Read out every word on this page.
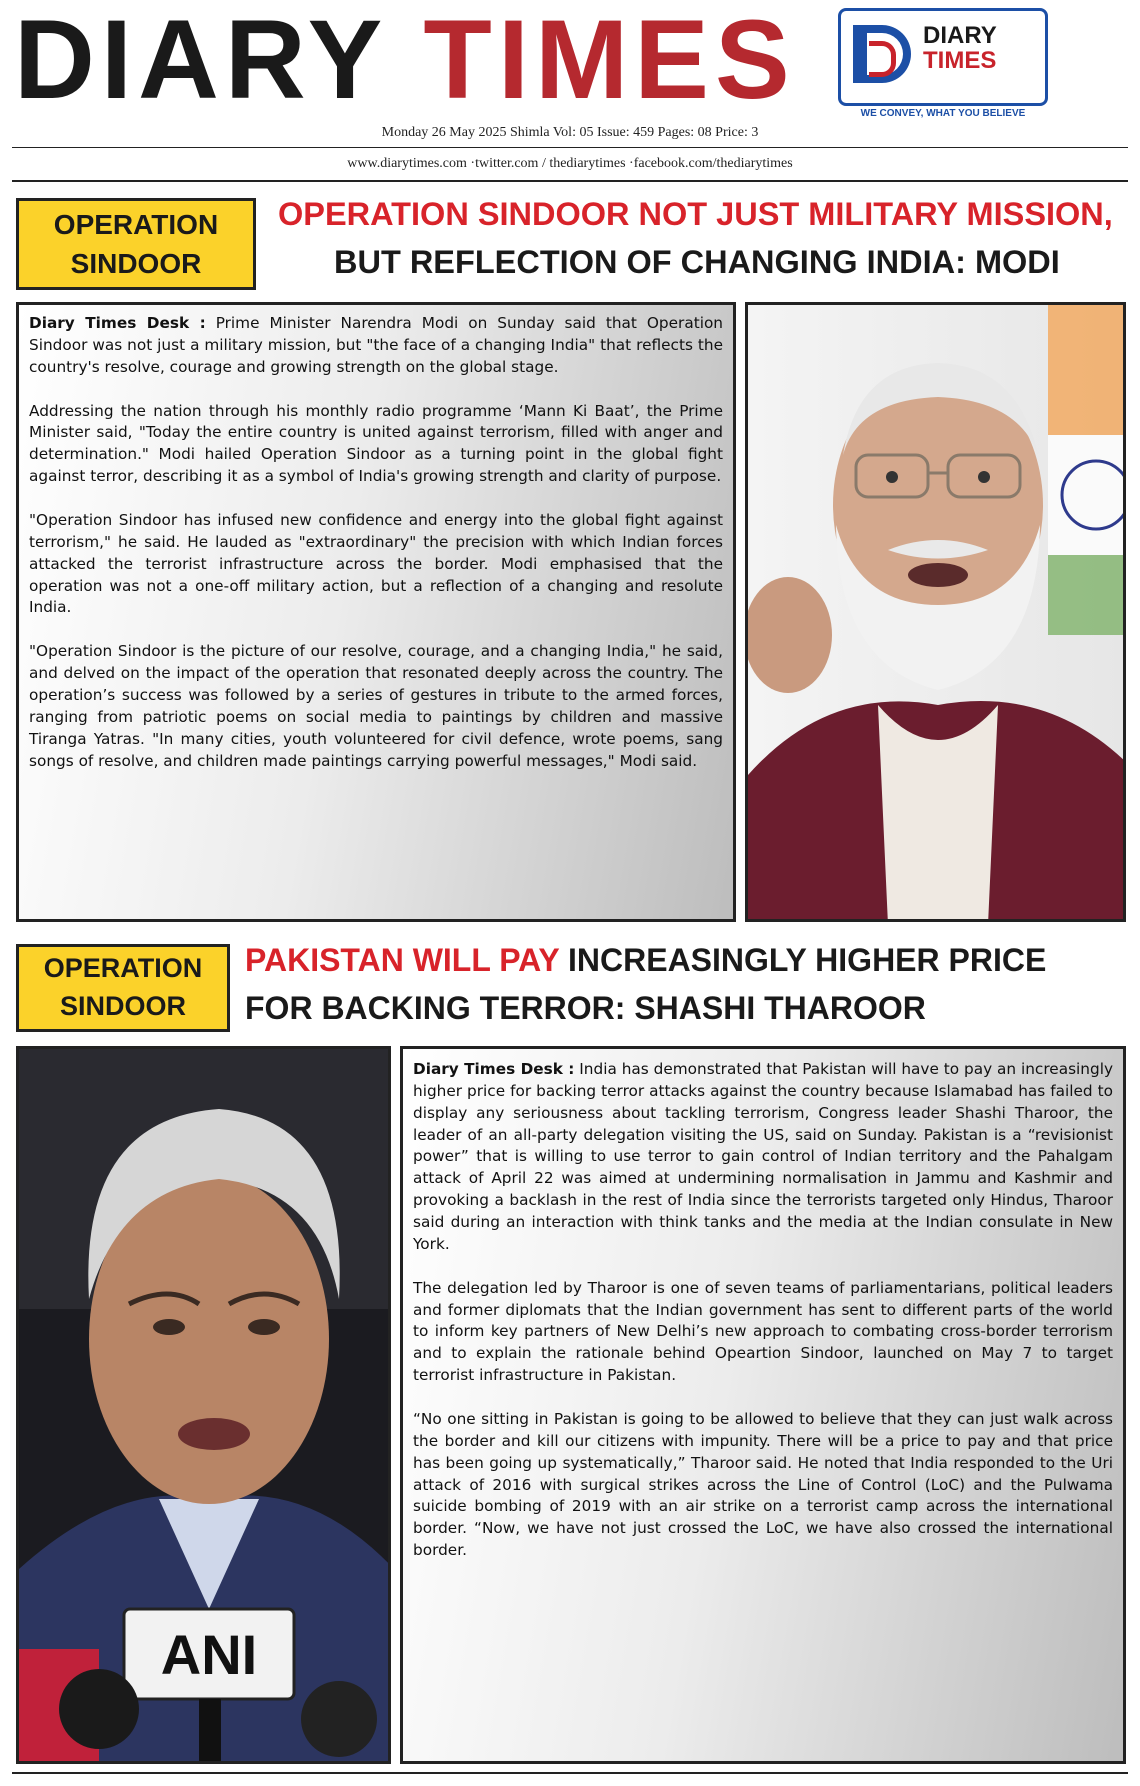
DIARY TIMES	DIARY
TIMES
WE CONVEY, WHAT YOU BELIEVE
Monday 26 May 2025 Shimla Vol: 05 Issue: 459 Pages: 08 Price: 3
www.diarytimes.com ·twitter.com / thediarytimes ·facebook.com/thediarytimes
OPERATION
SINDOOR
OPERATION SINDOOR NOT JUST MILITARY MISSION,
BUT REFLECTION OF CHANGING INDIA: MODI

Diary Times Desk : Prime Minister Narendra Modi on Sunday said that Operation Sindoor was not just a military mission, but "the face of a changing India" that reflects the country's resolve, courage and growing strength on the global stage.

Addressing the nation through his monthly radio programme ‘Mann Ki Baat’, the Prime Minister said, "Today the entire country is united against terrorism, filled with anger and determination." Modi hailed Operation Sindoor as a turning point in the global fight against terror, describing it as a symbol of India's growing strength and clarity of purpose.

"Operation Sindoor has infused new confidence and energy into the global fight against terrorism," he said. He lauded as "extraordinary" the precision with which Indian forces attacked the terrorist infrastructure across the border. Modi emphasised that the operation was not a one-off military action, but a reflection of a changing and resolute India.

"Operation Sindoor is the picture of our resolve, courage, and a changing India," he said, and delved on the impact of the operation that resonated deeply across the country. The operation’s success was followed by a series of gestures in tribute to the armed forces, ranging from patriotic poems on social media to paintings by children and massive Tiranga Yatras. "In many cities, youth volunteered for civil defence, wrote poems, sang songs of resolve, and children made paintings carrying powerful messages," Modi said.

OPERATION
SINDOOR
PAKISTAN WILL PAY INCREASINGLY HIGHER PRICE
FOR BACKING TERROR: SHASHI THAROOR
ANI

Diary Times Desk : India has demonstrated that Pakistan will have to pay an increasingly higher price for backing terror attacks against the country because Islamabad has failed to display any seriousness about tackling terrorism, Congress leader Shashi Tharoor, the leader of an all-party delegation visiting the US, said on Sunday. Pakistan is a “revisionist power” that is willing to use terror to gain control of Indian territory and the Pahalgam attack of April 22 was aimed at undermining normalisation in Jammu and Kashmir and provoking a backlash in the rest of India since the terrorists targeted only Hindus, Tharoor said during an interaction with think tanks and the media at the Indian consulate in New York.

The delegation led by Tharoor is one of seven teams of parliamentarians, political leaders and former diplomats that the Indian government has sent to different parts of the world to inform key partners of New Delhi’s new approach to combating cross-border terrorism and to explain the rationale behind Opeartion Sindoor, launched on May 7 to target terrorist infrastructure in Pakistan.

“No one sitting in Pakistan is going to be allowed to believe that they can just walk across the border and kill our citizens with impunity. There will be a price to pay and that price has been going up systematically,” Tharoor said. He noted that India responded to the Uri attack of 2016 with surgical strikes across the Line of Control (LoC) and the Pulwama suicide bombing of 2019 with an air strike on a terrorist camp across the international border. “Now, we have not just crossed the LoC, we have also crossed the international border.
